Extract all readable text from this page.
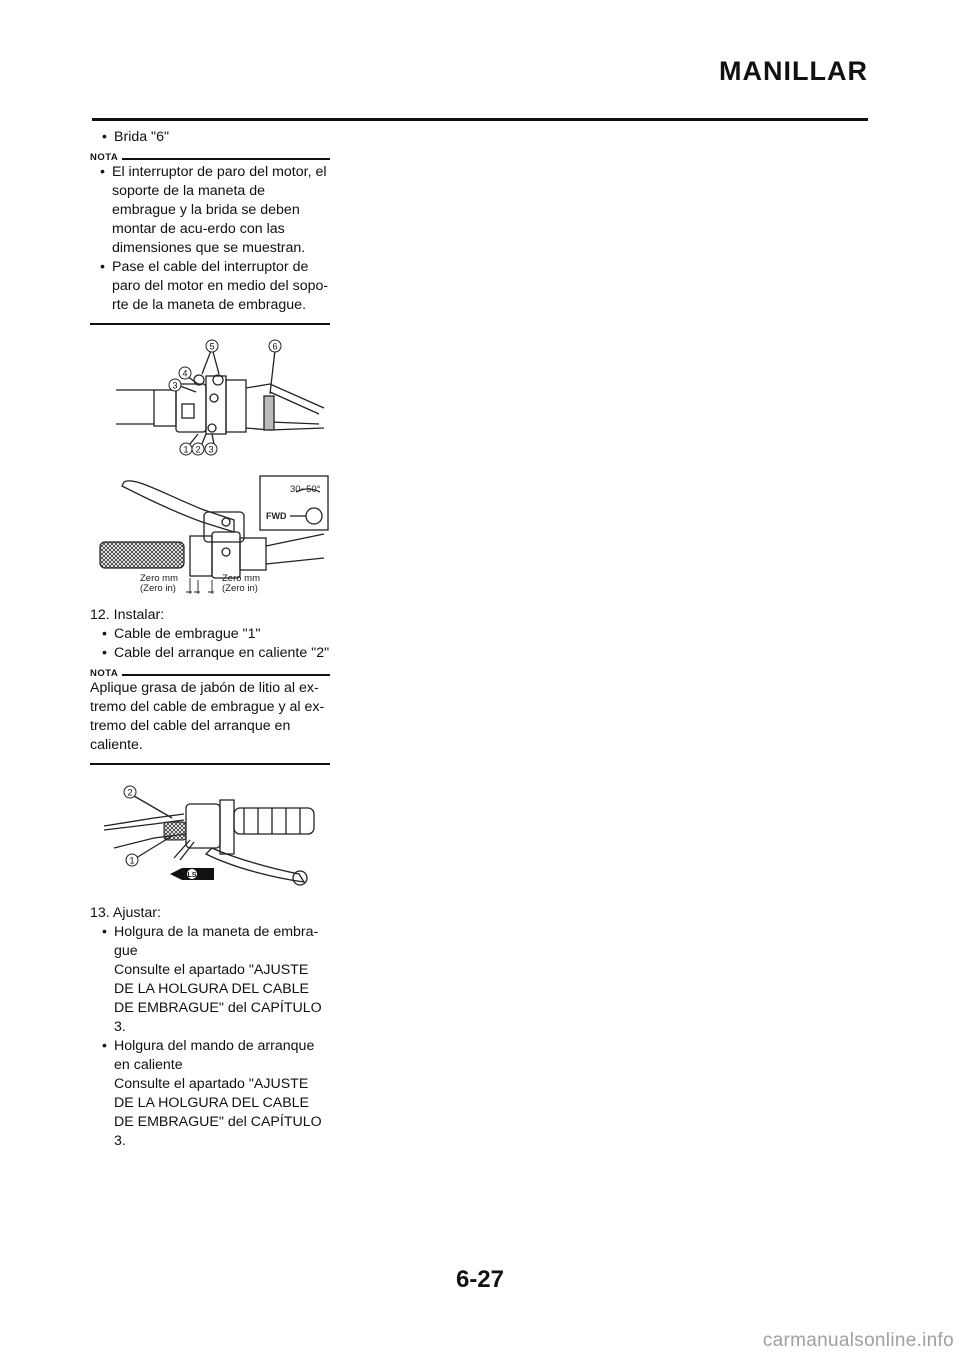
MANILLAR
• Brida "6"
NOTA
• El interruptor de paro del motor, el soporte de la maneta de embrague y la brida se deben montar de acu-erdo con las dimensiones que se muestran.
• Pase el cable del interruptor de paro del motor en medio del sopo-rte de la maneta de embrague.
5	6
4
3
1 2 3
30~50°
FWD
Zero mm
(Zero in)
Zero mm
(Zero in)
12. Instalar:
• Cable de embrague "1"
• Cable del arranque en caliente "2"
NOTA
Aplique grasa de jabón de litio al ex-tremo del cable de embrague y al ex-tremo del cable del arranque en caliente.
2
1
LS
13. Ajustar:
• Holgura de la maneta de embra-gue
Consulte el apartado "AJUSTE DE LA HOLGURA DEL CABLE DE EMBRAGUE" del CAPÍTULO 3.
• Holgura del mando de arranque en caliente
Consulte el apartado "AJUSTE DE LA HOLGURA DEL CABLE DE EMBRAGUE" del CAPÍTULO 3.
6-27
carmanualsonline.info
